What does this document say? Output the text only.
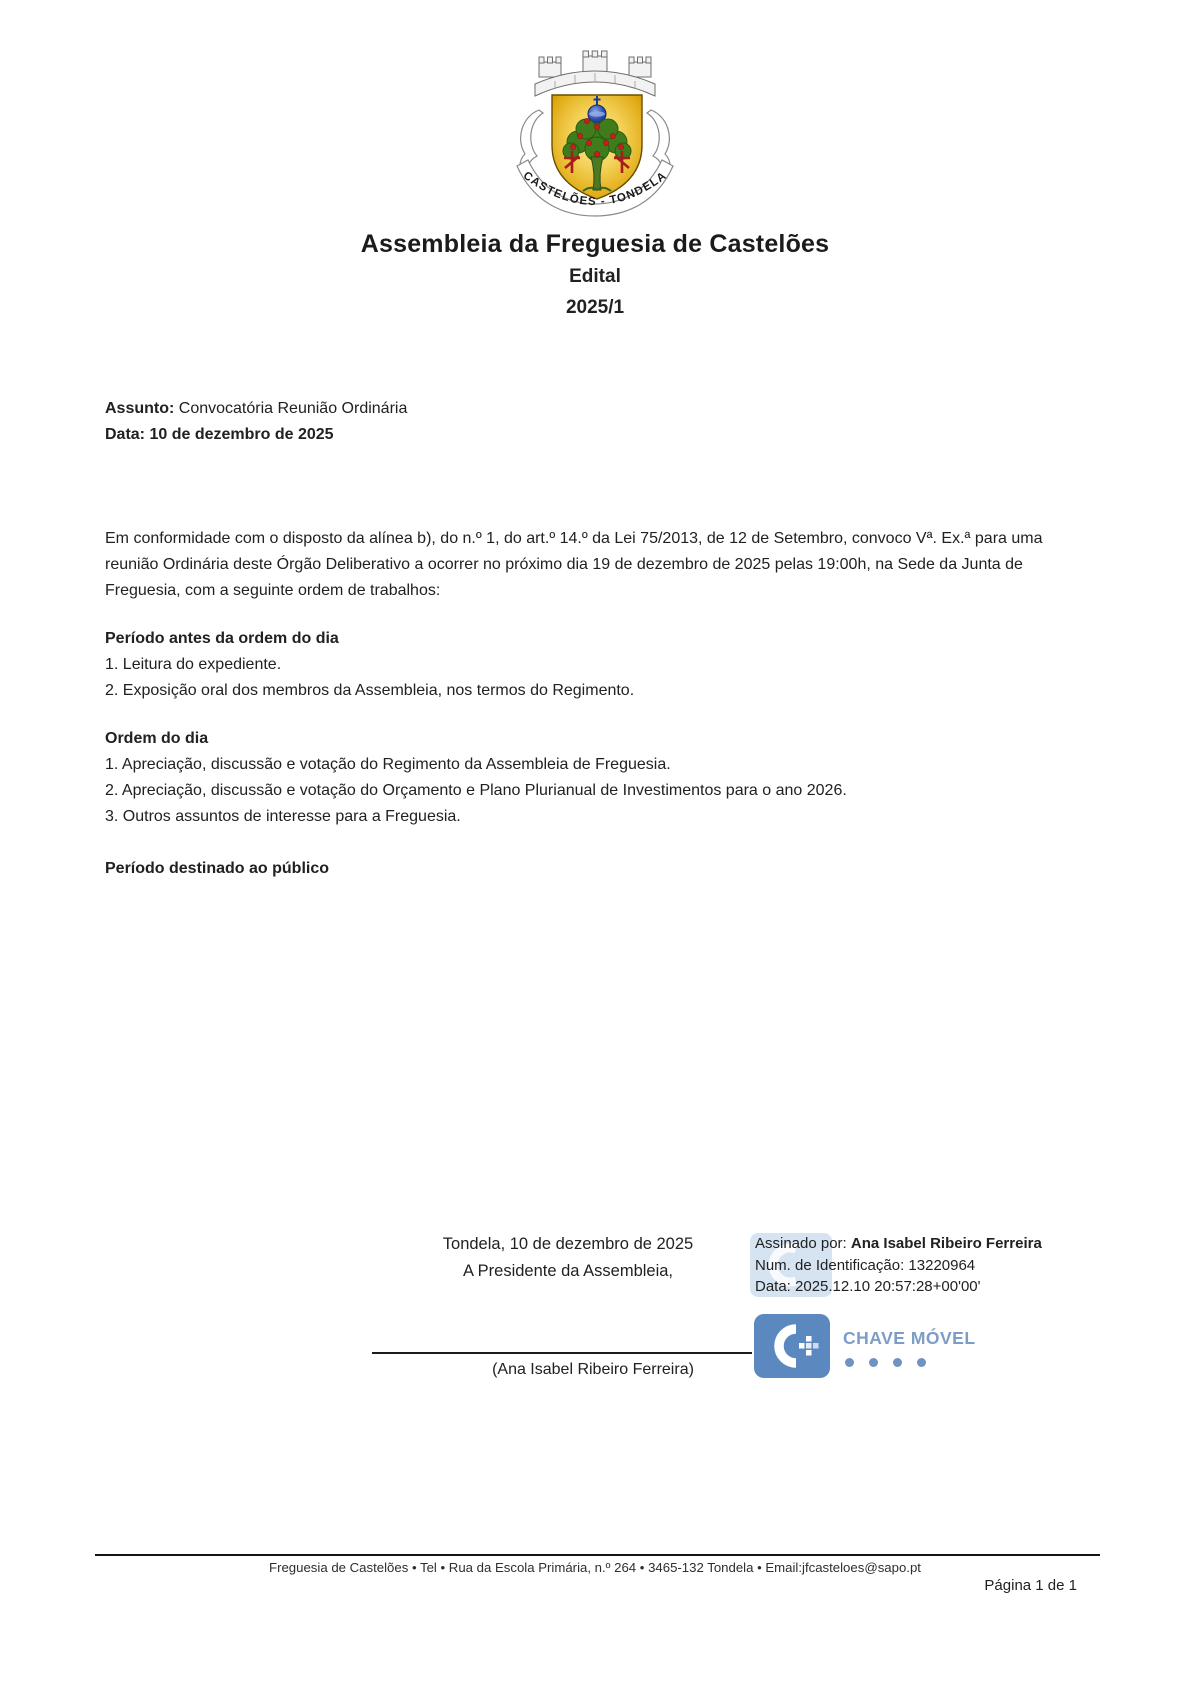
CASTELÕES - TONDELA
Assembleia da Freguesia de Castelões
Edital
2025/1
Assunto: Convocatória Reunião Ordinária
Data: 10 de dezembro de 2025

Em conformidade com o disposto da alínea b), do n.º 1, do art.º 14.º da Lei 75/2013, de 12 de Setembro, convoco Vª. Ex.ª para uma reunião Ordinária deste Órgão Deliberativo a ocorrer no próximo dia 19 de dezembro de 2025 pelas 19:00h, na Sede da Junta de Freguesia, com a seguinte ordem de trabalhos:

Período antes da ordem do dia
1. Leitura do expediente.
2. Exposição oral dos membros da Assembleia, nos termos do Regimento.
Ordem do dia
1. Apreciação, discussão e votação do Regimento da Assembleia de Freguesia.
2. Apreciação, discussão e votação do Orçamento e Plano Plurianual de Investimentos para o ano 2026.
3. Outros assuntos de interesse para a Freguesia.
Período destinado ao público
Tondela, 10 de dezembro de 2025
A Presidente da Assembleia,
Assinado por: Ana Isabel Ribeiro Ferreira
Num. de Identificação: 13220964
Data: 2025.12.10 20:57:28+00'00'
(Ana Isabel Ribeiro Ferreira)
CHAVE MÓVEL
Freguesia de Castelões • Tel • Rua da Escola Primária, n.º 264 • 3465-132 Tondela • Email:jfcasteloes@sapo.pt
Página 1 de 1
